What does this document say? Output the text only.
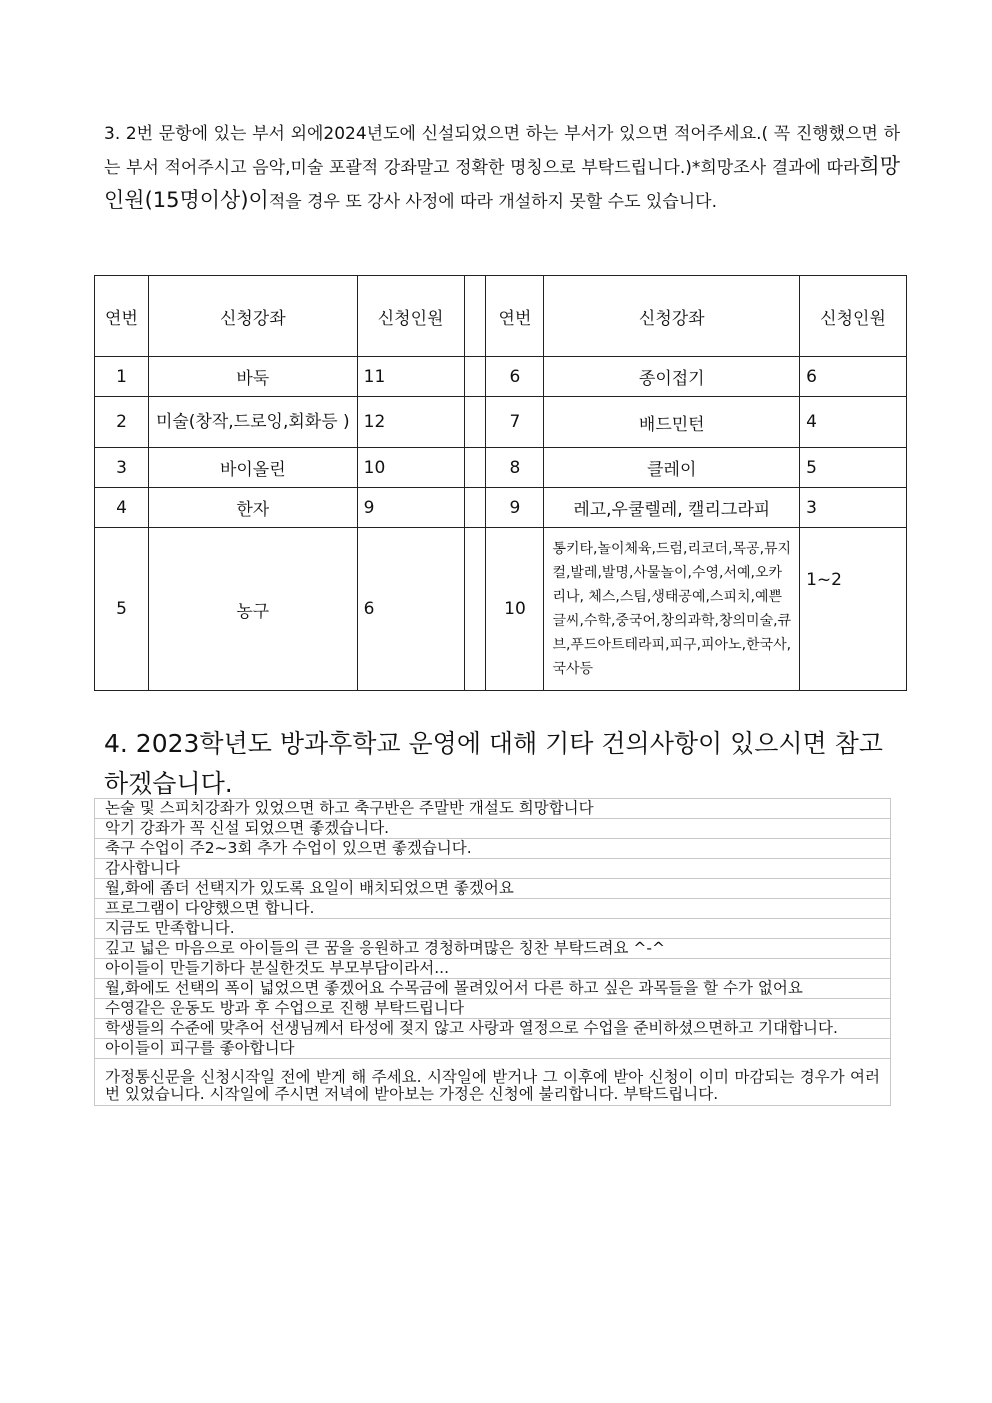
3. 2번 문항에 있는 부서 외에2024년도에 신설되었으면 하는 부서가 있으면 적어주세요.( 꼭 진행했으면 하는 부서 적어주시고 음악,미술 포괄적 강좌말고 정확한 명칭으로 부탁드립니다.)*희망조사 결과에 따라희망인원(15명이상)이적을 경우 또 강사 사정에 따라 개설하지 못할 수도 있습니다.
연번	신청강좌	신청인원		연번	신청강좌	신청인원
1	바둑	11		6	종이접기	6
2	미술(창작,드로잉,회화등 )	12		7	배드민턴	4
3	바이올린	10		8	클레이	5
4	한자	9		9	레고,우쿨렐레, 캘리그라피	3
5	농구	6		10	통키타,놀이체육,드럼,리코더,목공,뮤지컬,발레,발명,사물놀이,수영,서예,오카리나, 체스,스팀,생태공예,스피치,예쁜글씨,수학,중국어,창의과학,창의미술,큐브,푸드아트테라피,피구,피아노,한국사,국사등	1~2
4. 2023학년도 방과후학교 운영에 대해 기타 건의사항이 있으시면 참고 하겠습니다.
논술 및 스피치강좌가 있었으면 하고 축구반은 주말반 개설도 희망합니다
악기 강좌가 꼭 신설 되었으면 좋겠습니다.
축구 수업이 주2~3회 추가 수업이 있으면 좋겠습니다.
감사합니다
월,화에 좀더 선택지가 있도록 요일이 배치되었으면 좋겠어요
프로그램이 다양했으면 합니다.
지금도 만족합니다.
깊고 넓은 마음으로 아이들의 큰 꿈을 응원하고 경청하며많은 칭찬 부탁드려요 ^-^
아이들이 만들기하다 분실한것도 부모부담이라서...
월,화에도 선택의 폭이 넓었으면 좋겠어요 수목금에 몰려있어서 다른 하고 싶은 과목들을 할 수가 없어요
수영같은 운동도 방과 후 수업으로 진행 부탁드립니다
학생들의 수준에 맞추어 선생님께서 타성에 젖지 않고 사랑과 열정으로 수업을 준비하셨으면하고 기대합니다.
아이들이 피구를 좋아합니다
가정통신문을 신청시작일 전에 받게 해 주세요. 시작일에 받거나 그 이후에 받아 신청이 이미 마감되는 경우가 여러번 있었습니다. 시작일에 주시면 저녁에 받아보는 가정은 신청에 불리합니다. 부탁드립니다.
